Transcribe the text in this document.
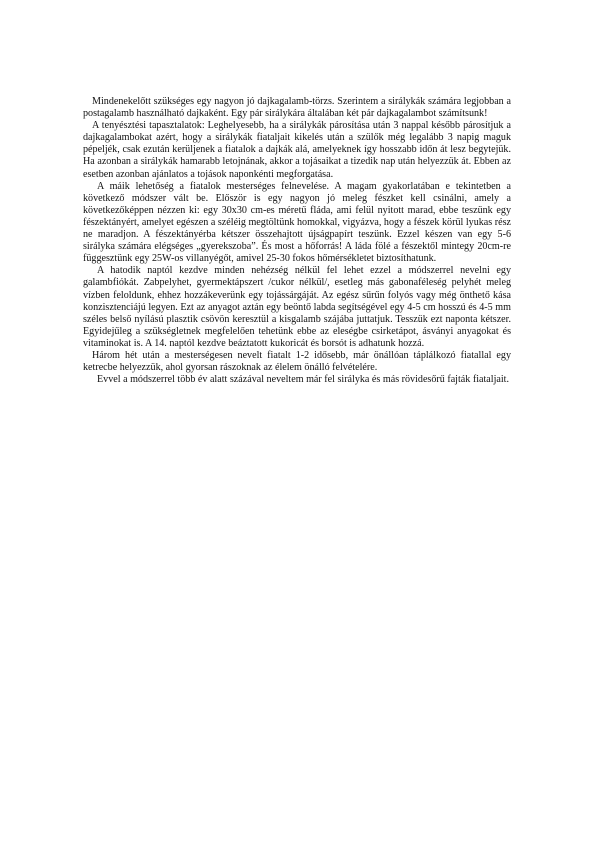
Mindenekelőtt szükséges egy nagyon jó dajkagalamb-törzs. Szerintem a sirálykák számára legjobban a postagalamb használható dajkaként. Egy pár sirálykára általában két pár dajkagalambot számítsunk!

A tenyésztési tapasztalatok: Leghelyesebb, ha a sirálykák párosítása után 3 nappal később párosítjuk a dajkagalambokat azért, hogy a sirálykák fiataljait kikelés után a szülők még legalább 3 napig maguk pépeljék, csak ezután kerüljenek a fiatalok a dajkák alá, amelyeknek így hosszabb időn át lesz begytejük. Ha azonban a sirálykák hamarabb letojnának, akkor a tojásaikat a tizedik nap után helyezzük át. Ebben az esetben azonban ajánlatos a tojások naponkénti megforgatása.

A máik lehetőség a fiatalok mesterséges felnevelése. A magam gyakorlatában e tekintetben a következő módszer vált be. Először is egy nagyon jó meleg fészket kell csinálni, amely a következőképpen nézzen ki: egy 30x30 cm-es méretű fláda, ami felül nyitott marad, ebbe teszünk egy fészektányért, amelyet egészen a széléig megtöltünk homokkal, vigyázva, hogy a fészek körül lyukas rész ne maradjon. A fészektányérba kétszer összehajtott újságpapírt teszünk. Ezzel készen van egy 5-6 sirálykа számára elégséges „gyerekszoba”. És most a hőforrás! A láda fölé a fészektől mintegy 20cm-re függesztünk egy 25W-os villanyégőt, amivel 25-30 fokos hőmérsékletet biztosíthatunk.

A hatodik naptól kezdve minden nehézség nélkül fel lehet ezzel a módszerrel nevelni egy galambfiókát. Zabpelyhet, gyermektápszert /cukor nélkül/, esetleg más gabonaféleség pelyhét meleg vízben feloldunk, ehhez hozzákeverünk egy tojássárgáját. Az egész sűrűn folyós vagy még önthető kása konzisztenciájú legyen. Ezt az anyagot aztán egy beöntő labda segítségével egy 4-5 cm hosszú és 4-5 mm széles belső nyílású plasztik csövön keresztül a kisgalamb szájába juttatjuk. Tesszük ezt naponta kétszer. Egyidejűleg a szükségletnek megfelelően tehetünk ebbe az eleségbe csirketápot, ásványi anyagokat és vitaminokat is. A 14. naptól kezdve beáztatott kukoricát és borsót is adhatunk hozzá.

Három hét után a mesterségesen nevelt fiatalt 1-2 idősebb, már önállóan táplálkozó fiatallal egy ketrecbe helyezzük, ahol gyorsan rászoknak az élelem önálló felvételére.

Evvel a módszerrel több év alatt százával neveltem már fel sirálykа és más rövidesőrű fajták fiataljait.
